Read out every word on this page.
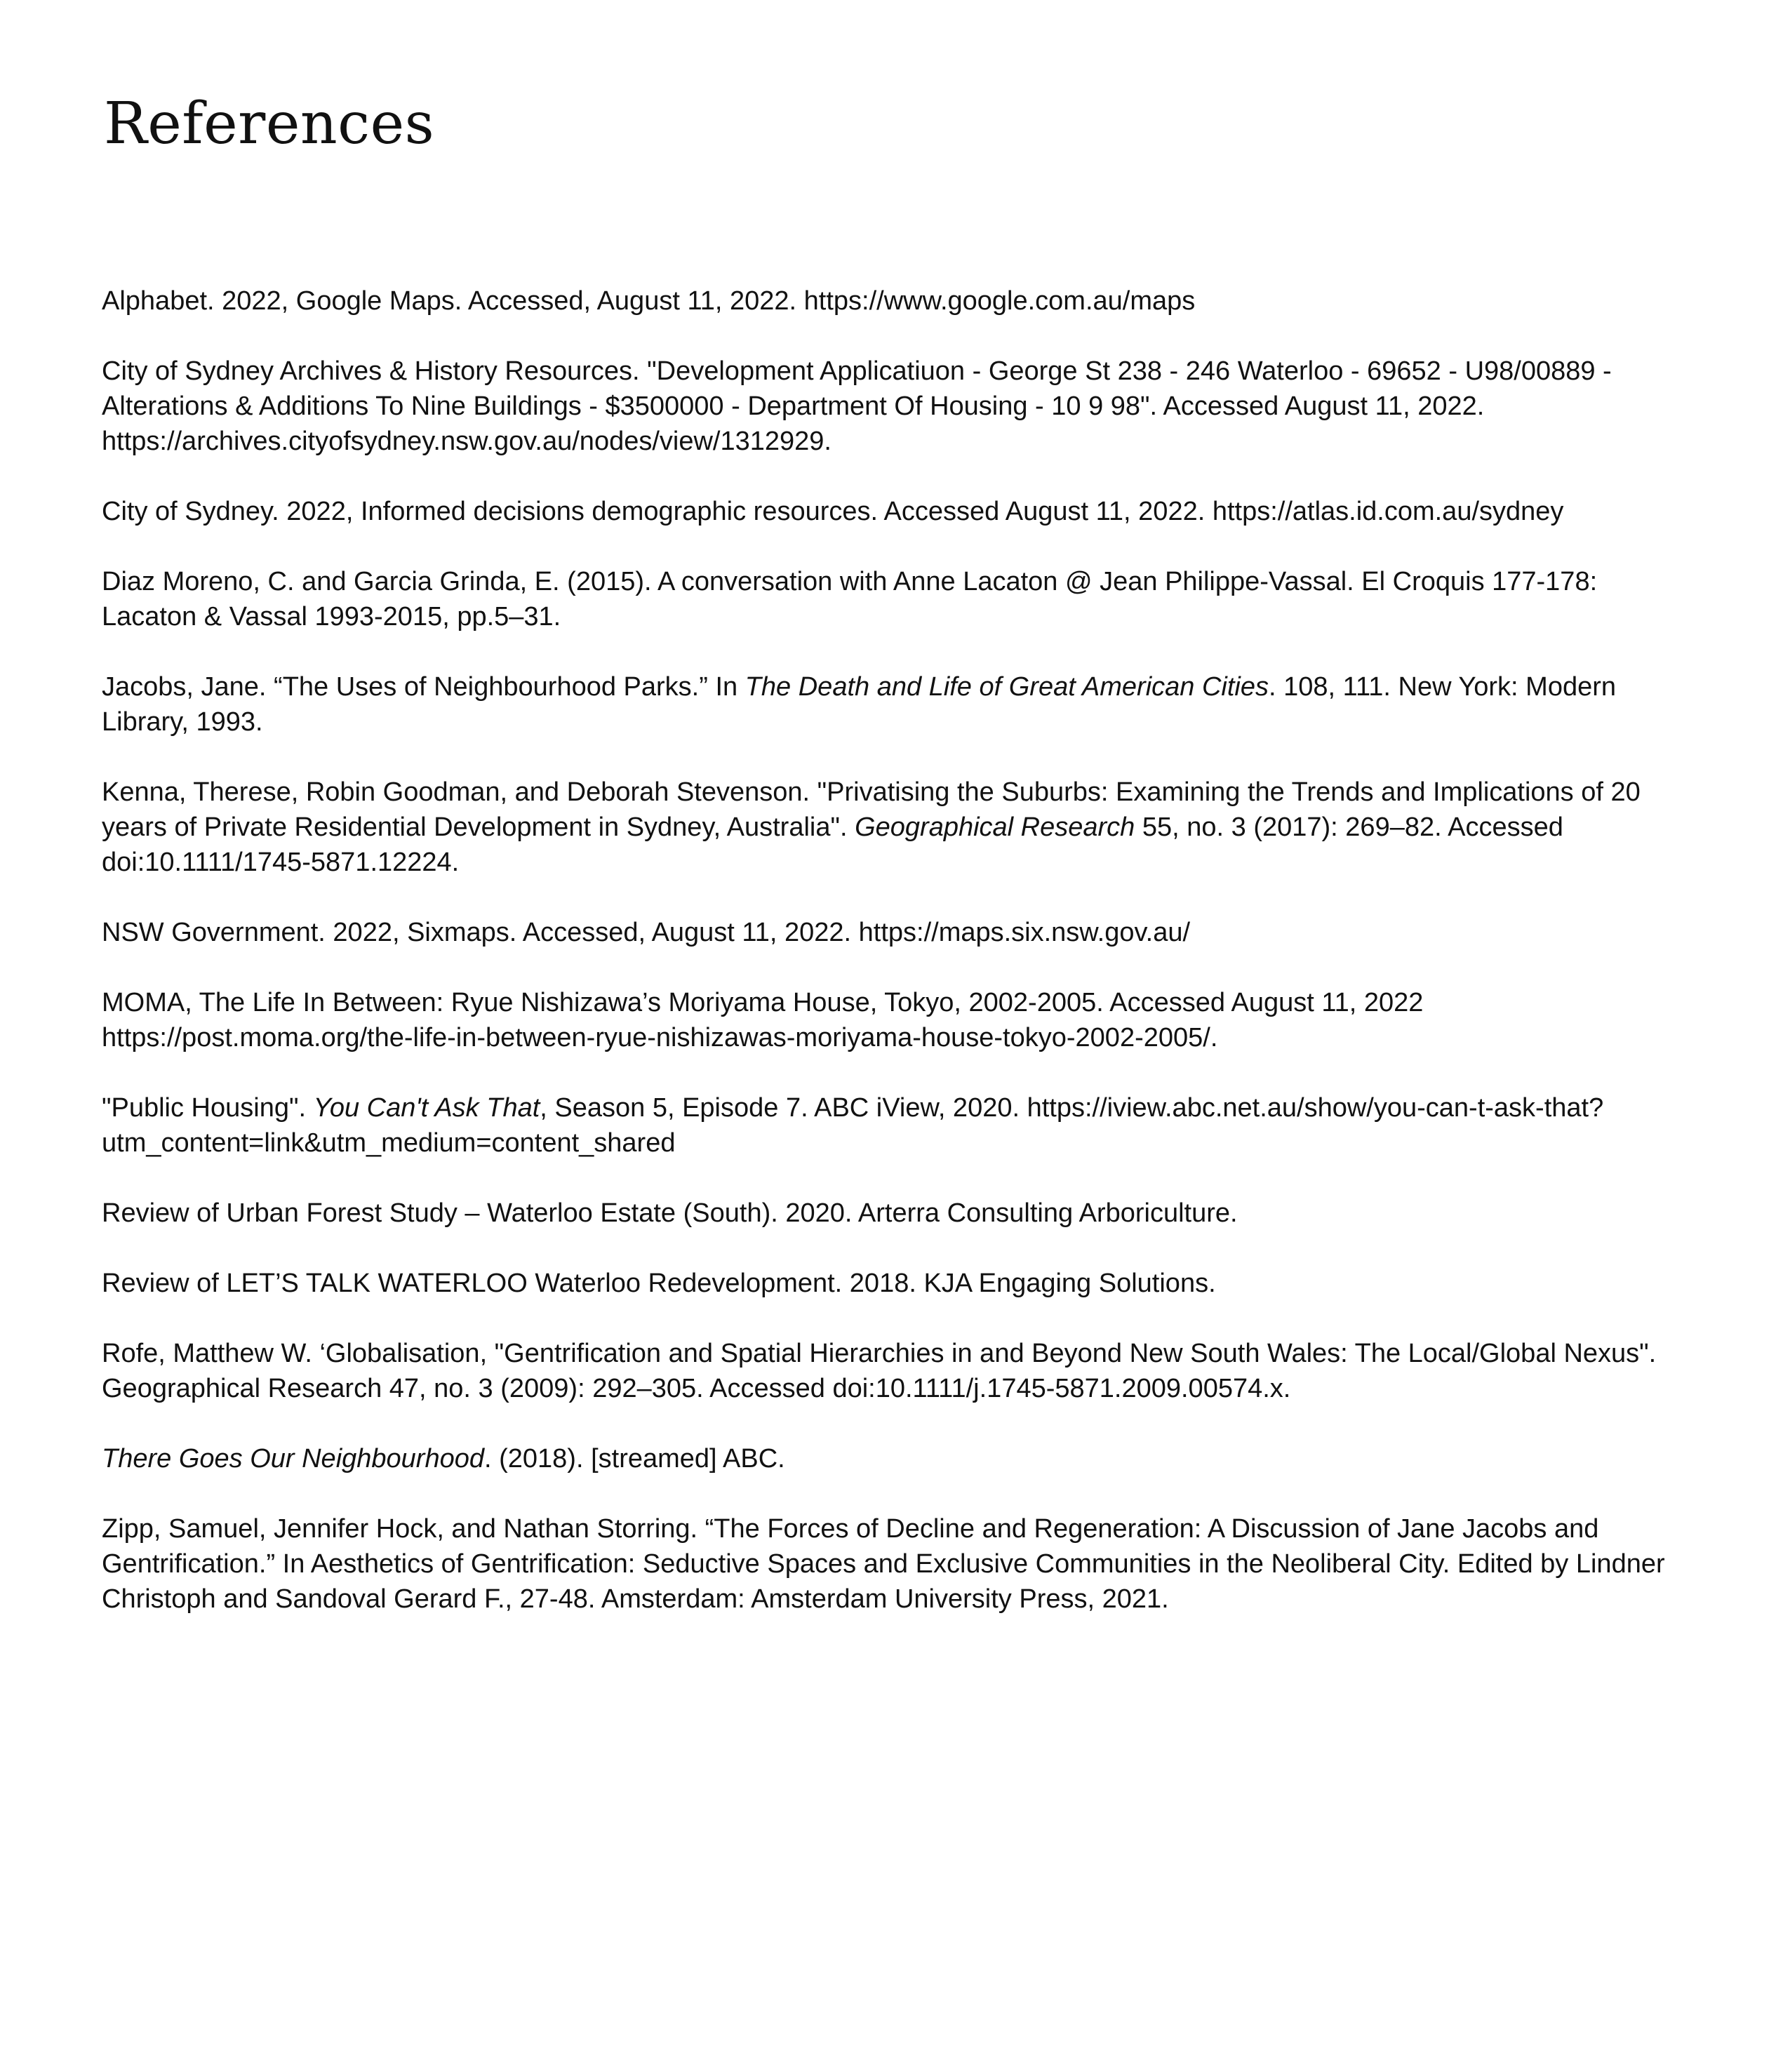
References
Alphabet. 2022, Google Maps. Accessed, August 11, 2022. https://www.google.com.au/maps
City of Sydney Archives & History Resources. "Development Applicatiuon - George St 238 - 246 Waterloo - 69652 - U98/00889 - Alterations & Additions To Nine Buildings - $3500000 - Department Of Housing - 10 9 98". Accessed August 11, 2022. https://archives.cityofsydney.nsw.gov.au/nodes/view/1312929.
City of Sydney. 2022, Informed decisions demographic resources. Accessed August 11, 2022. https://atlas.id.com.au/sydney
Diaz Moreno, C. and Garcia Grinda, E. (2015). A conversation with Anne Lacaton @ Jean Philippe-Vassal. El Croquis 177-178: Lacaton & Vassal 1993-2015, pp.5–31.
Jacobs, Jane. “The Uses of Neighbourhood Parks.” In The Death and Life of Great American Cities. 108, 111. New York: Modern Library, 1993.
Kenna, Therese, Robin Goodman, and Deborah Stevenson. "Privatising the Suburbs: Examining the Trends and Implications of 20 years of Private Residential Development in Sydney, Australia". Geographical Research 55, no. 3 (2017): 269–82. Accessed doi:10.1111/1745-5871.12224.
NSW Government. 2022, Sixmaps. Accessed, August 11, 2022. https://maps.six.nsw.gov.au/
MOMA, The Life In Between: Ryue Nishizawa’s Moriyama House, Tokyo, 2002-2005. Accessed August 11, 2022 https://post.moma.org/the-life-in-between-ryue-nishizawas-moriyama-house-tokyo-2002-2005/.
"Public Housing". You Can't Ask That, Season 5, Episode 7. ABC iView, 2020. https://iview.abc.net.au/show/you-can-t-ask-that?utm_content=link&utm_medium=content_shared
Review of Urban Forest Study – Waterloo Estate (South). 2020. Arterra Consulting Arboriculture.
Review of LET’S TALK WATERLOO Waterloo Redevelopment. 2018. KJA Engaging Solutions.
Rofe, Matthew W. ‘Globalisation, "Gentrification and Spatial Hierarchies in and Beyond New South Wales: The Local/Global Nexus". Geographical Research 47, no. 3 (2009): 292–305. Accessed doi:10.1111/j.1745-5871.2009.00574.x.
There Goes Our Neighbourhood. (2018). [streamed] ABC.
Zipp, Samuel, Jennifer Hock, and Nathan Storring. “The Forces of Decline and Regeneration: A Discussion of Jane Jacobs and Gentrification.” In Aesthetics of Gentrification: Seductive Spaces and Exclusive Communities in the Neoliberal City. Edited by Lindner Christoph and Sandoval Gerard F., 27-48. Amsterdam: Amsterdam University Press, 2021.
